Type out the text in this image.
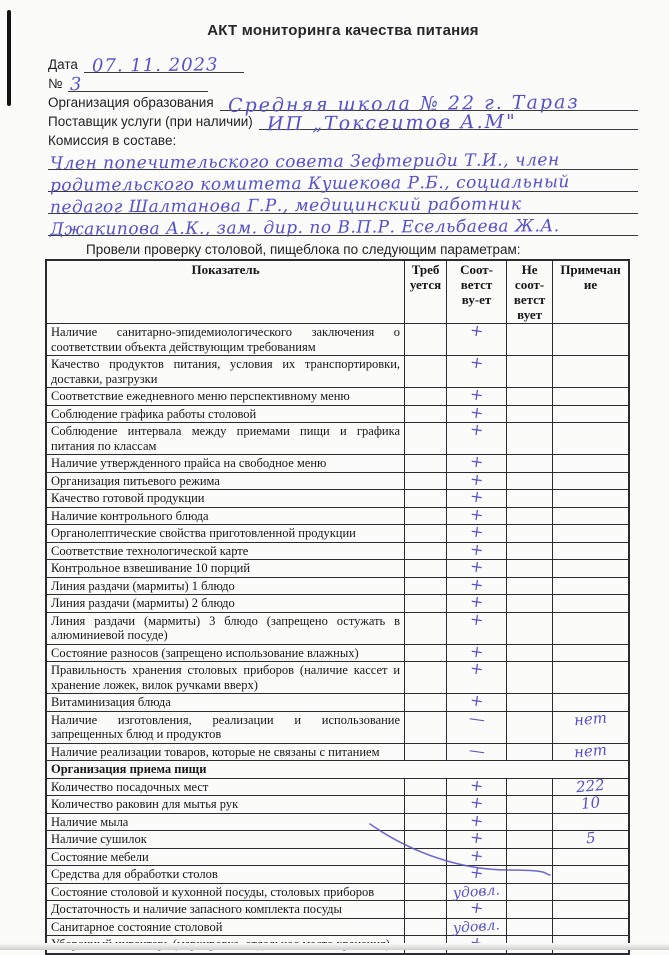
АКТ мониторинга качества питания
Дата 07. 11. 2023
№ 3
Организация образования Средняя школа № 22 г. Тараз
Поставщик услуги (при наличии) ИП „Токсеитов А.М"
Комиссия в составе:
Член попечительского совета Зефтериди Т.И., член
родительского комитета Кушекова Р.Б., социальный
педагог Шалтанова Г.Р., медицинский работник
Джакипова А.К., зам. дир. по В.П.Р. Есельбаева Ж.А.
Провели проверку столовой, пищеблока по следующим параметрам:
Показатель	Треб уется	Соот- ветст ву-ет	Не соот- ветст вует	Примечан ие
Наличие санитарно-эпидемиологического заключения о соответствии объекта действующим требованиям		+		
Качество продуктов питания, условия их транспортировки, доставки, разгрузки		+		
Соответствие ежедневного меню перспективному меню		+		
Соблюдение графика работы столовой		+		
Соблюдение интервала между приемами пищи и графика питания по классам		+		
Наличие утвержденного прайса на свободное меню		+		
Организация питьевого режима		+		
Качество готовой продукции		+		
Наличие контрольного блюда		+		
Органолептические свойства приготовленной продукции		+		
Соответствие технологической карте		+		
Контрольное взвешивание 10 порций		+		
Линия раздачи (мармиты) 1 блюдо		+		
Линия раздачи (мармиты) 2 блюдо		+		
Линия раздачи (мармиты) 3 блюдо (запрещено остужать в алюминиевой посуде)		+		
Состояние разносов (запрещено использование влажных)		+		
Правильность хранения столовых приборов (наличие кассет и хранение ложек, вилок ручками вверх)		+		
Витаминизация блюда		+		
Наличие изготовления, реализации и использование запрещенных блюд и продуктов		—		нет
Наличие реализации товаров, которые не связаны с питанием		—		нет
Организация приема пищи				
Количество посадочных мест		+		222
Количество раковин для мытья рук		+		10
Наличие мыла		+		
Наличие сушилок		+		5
Состояние мебели		+		
Средства для обработки столов		+		
Состояние столовой и кухонной посуды, столовых приборов		удовл.		
Достаточность и наличие запасного комплекта посуды		+		
Санитарное состояние столовой		удовл.		
